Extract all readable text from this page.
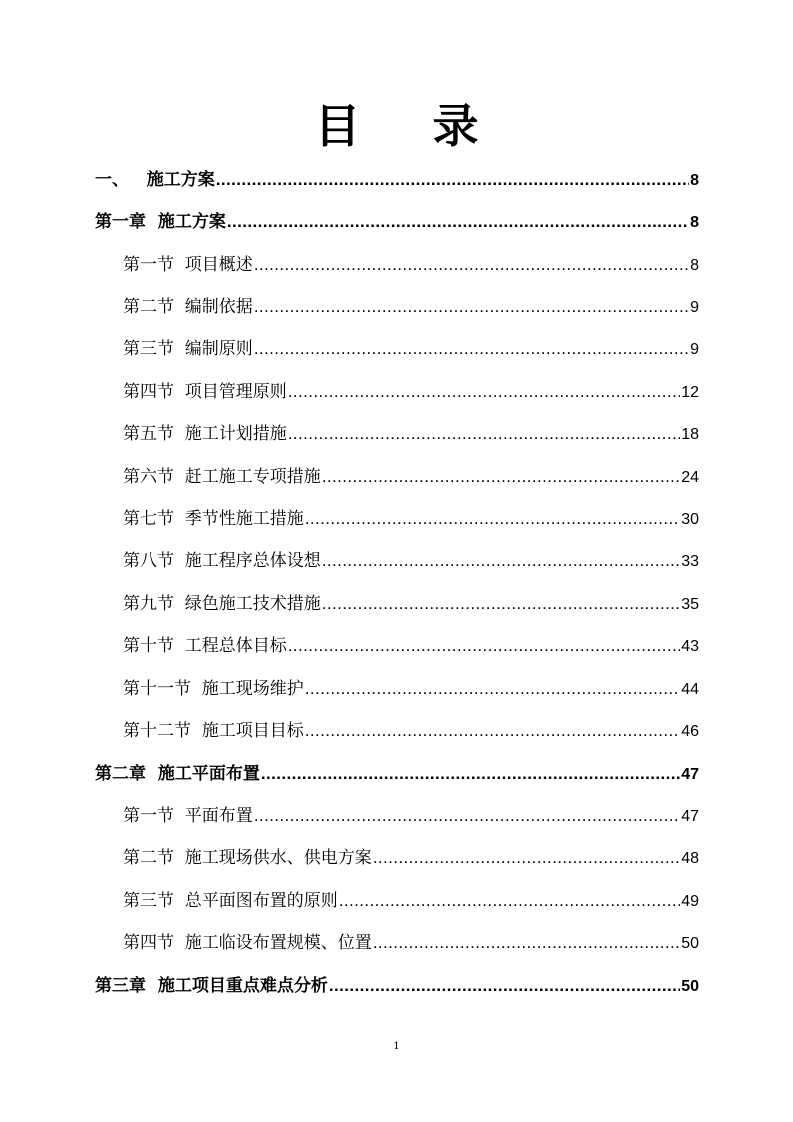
目 录
一、   施工方案 .....	8
第一章  施工方案 .....	8
第一节  项目概述 .....	8
第二节  编制依据 .....	9
第三节  编制原则 .....	9
第四节  项目管理原则 .....	12
第五节  施工计划措施 .....	18
第六节  赶工施工专项措施 .....	24
第七节  季节性施工措施 .....	30
第八节  施工程序总体设想 .....	33
第九节  绿色施工技术措施 .....	35
第十节  工程总体目标 .....	43
第十一节  施工现场维护 .....	44
第十二节  施工项目目标 .....	46
第二章  施工平面布置 .....	47
第一节  平面布置 .....	47
第二节  施工现场供水、供电方案 .....	48
第三节  总平面图布置的原则 .....	49
第四节  施工临设布置规模、位置 .....	50
第三章  施工项目重点难点分析 .....	50
1
